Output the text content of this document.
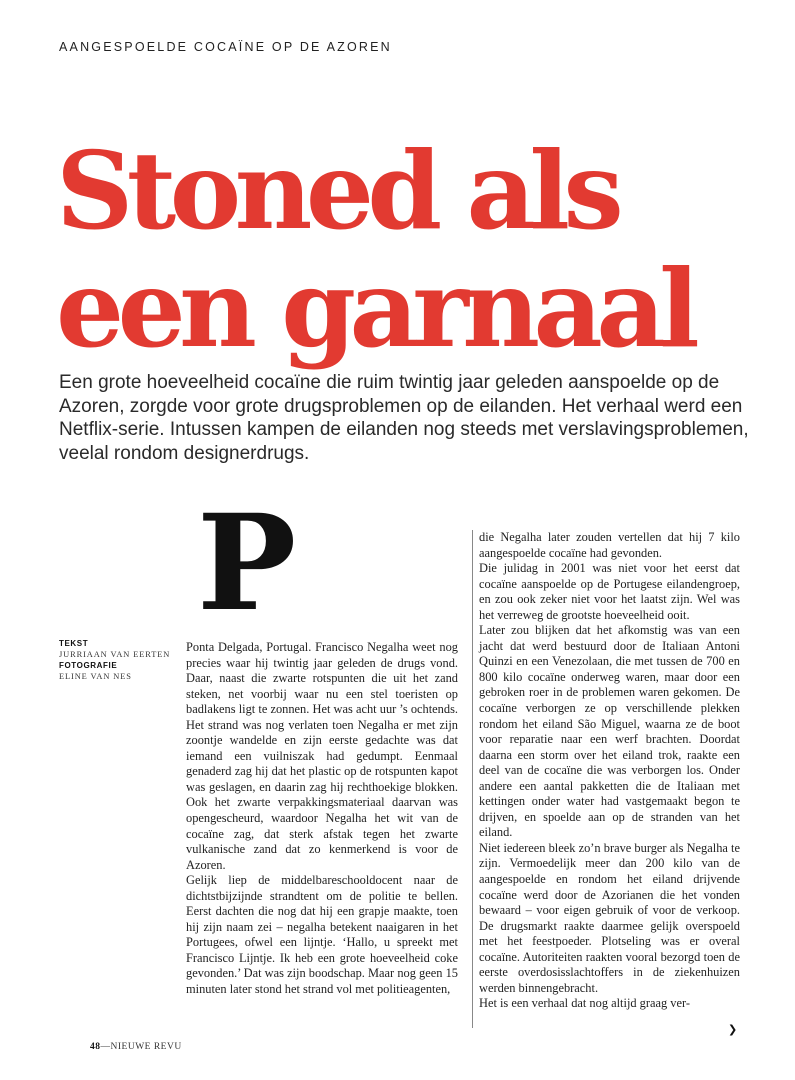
AANGESPOELDE COCAÏNE OP DE AZOREN
Stoned als
een garnaal

Een grote hoeveelheid cocaïne die ruim twintig jaar geleden aanspoelde op de Azoren, zorgde voor grote drugsproblemen op de eilanden. Het verhaal werd een Netflix-serie. Intussen kampen de eilanden nog steeds met verslavingsproblemen, veelal rondom designerdrugs.

P
TEKST
JURRIAAN VAN EERTEN
FOTOGRAFIE
ELINE VAN NES

Ponta Delgada, Portugal. Francisco Negalha weet nog precies waar hij twintig jaar geleden de drugs vond. Daar, naast die zwarte rotspunten die uit het zand steken, net voorbij waar nu een stel toeristen op badlakens ligt te zonnen. Het was acht uur ’s ochtends. Het strand was nog verlaten toen Negalha er met zijn zoontje wandelde en zijn eerste gedachte was dat iemand een vuilniszak had gedumpt. Eenmaal genaderd zag hij dat het plastic op de rotspunten kapot was geslagen, en daarin zag hij rechthoekige blokken. Ook het zwarte verpakkingsmateriaal daarvan was opengescheurd, waardoor Negalha het wit van de cocaïne zag, dat sterk afstak tegen het zwarte vulkanische zand dat zo kenmerkend is voor de Azoren.

Gelijk liep de middelbareschooldocent naar de dichtstbijzijnde strandtent om de politie te bellen. Eerst dachten die nog dat hij een grapje maakte, toen hij zijn naam zei – negalha betekent naaigaren in het Portugees, ofwel een lijntje. ‘Hallo, u spreekt met Francisco Lijntje. Ik heb een grote hoeveelheid coke gevonden.’ Dat was zijn boodschap. Maar nog geen 15 minuten later stond het strand vol met politieagenten,

die Negalha later zouden vertellen dat hij 7 kilo aangespoelde cocaïne had gevonden.

Die julidag in 2001 was niet voor het eerst dat cocaïne aanspoelde op de Portugese eilandengroep, en zou ook zeker niet voor het laatst zijn. Wel was het verreweg de grootste hoeveelheid ooit.

Later zou blijken dat het afkomstig was van een jacht dat werd bestuurd door de Italiaan Antoni Quinzi en een Venezolaan, die met tussen de 700 en 800 kilo cocaïne onderweg waren, maar door een gebroken roer in de problemen waren gekomen. De cocaïne verborgen ze op verschillende plekken rondom het eiland São Miguel, waarna ze de boot voor reparatie naar een werf brachten. Doordat daarna een storm over het eiland trok, raakte een deel van de cocaïne die was verborgen los. Onder andere een aantal pakketten die de Italiaan met kettingen onder water had vastgemaakt begon te drijven, en spoelde aan op de stranden van het eiland.

Niet iedereen bleek zo’n brave burger als Negalha te zijn. Vermoedelijk meer dan 200 kilo van de aangespoelde en rondom het eiland drijvende cocaïne werd door de Azorianen die het vonden bewaard – voor eigen gebruik of voor de verkoop. De drugsmarkt raakte daarmee gelijk overspoeld met het feestpoeder. Plotseling was er overal cocaïne. Autoriteiten raakten vooral bezorgd toen de eerste overdosisslachtoffers in de ziekenhuizen werden binnengebracht.

Het is een verhaal dat nog altijd graag ver-

❯
48—NIEUWE REVU
